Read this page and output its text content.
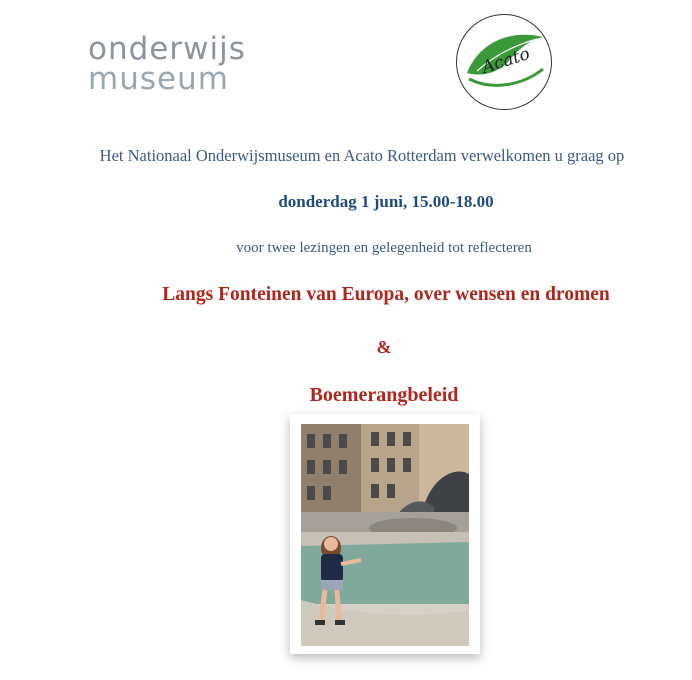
onderwijs
museum	Acato
Het Nationaal Onderwijsmuseum en Acato Rotterdam verwelkomen u graag op
donderdag 1 juni, 15.00-18.00
voor twee lezingen en gelegenheid tot reflecteren
Langs Fonteinen van Europa, over wensen en dromen
&
Boemerangbeleid
